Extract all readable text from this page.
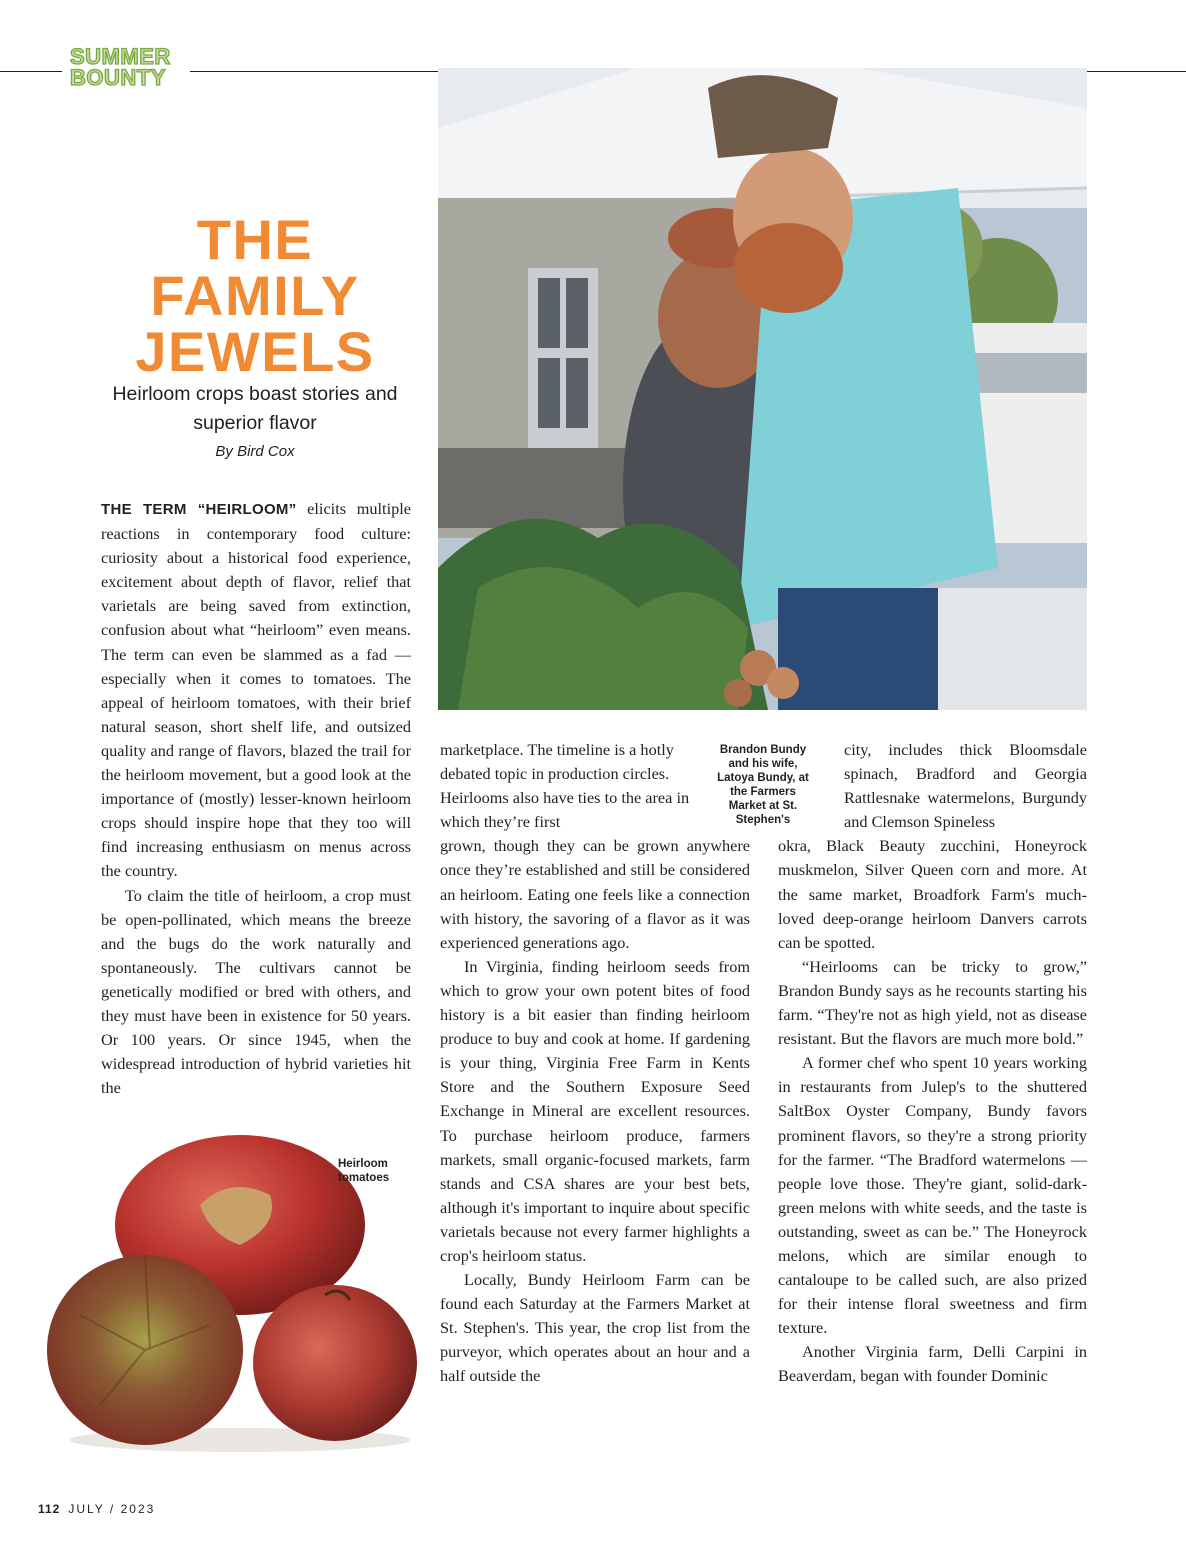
SUMMER
BOUNTY
THE
FAMILY
JEWELS
Heirloom crops boast stories and superior flavor
By Bird Cox

THE TERM “HEIRLOOM” elicits multiple reactions in contemporary food culture: curiosity about a historical food experience, excitement about depth of flavor, relief that varietals are being saved from extinction, confusion about what “heirloom” even means. The term can even be slammed as a fad — especially when it comes to tomatoes. The appeal of heirloom tomatoes, with their brief natural season, short shelf life, and outsized quality and range of flavors, blazed the trail for the heirloom movement, but a good look at the importance of (mostly) lesser-known heirloom crops should inspire hope that they too will find increasing enthusiasm on menus across the country.

To claim the title of heirloom, a crop must be open-pollinated, which means the breeze and the bugs do the work naturally and spontaneously. The cultivars cannot be genetically modified or bred with others, and they must have been in existence for 50 years. Or 100 years. Or since 1945, when the widespread introduction of hybrid varieties hit the

Heirloom tomatoes

marketplace. The timeline is a hotly debated topic in production circles. Heirlooms also have ties to the area in which they’re first

grown, though they can be grown anywhere once they’re established and still be considered an heirloom. Eating one feels like a connection with history, the savoring of a flavor as it was experienced generations ago.

In Virginia, finding heirloom seeds from which to grow your own potent bites of food history is a bit easier than finding heirloom produce to buy and cook at home. If gardening is your thing, Virginia Free Farm in Kents Store and the Southern Exposure Seed Exchange in Mineral are excellent resources. To purchase heirloom produce, farmers markets, small organic-focused markets, farm stands and CSA shares are your best bets, although it's important to inquire about specific varietals because not every farmer highlights a crop's heirloom status.

Locally, Bundy Heirloom Farm can be found each Saturday at the Farmers Market at St. Stephen's. This year, the crop list from the purveyor, which operates about an hour and a half outside the

Brandon Bundy and his wife, Latoya Bundy, at the Farmers Market at St. Stephen's

city, includes thick Bloomsdale spinach, Bradford and Georgia Rattlesnake watermelons, Burgundy and Clemson Spineless

okra, Black Beauty zucchini, Honeyrock muskmelon, Silver Queen corn and more. At the same market, Broadfork Farm's much-loved deep-orange heirloom Danvers carrots can be spotted.

“Heirlooms can be tricky to grow,” Brandon Bundy says as he recounts starting his farm. “They're not as high yield, not as disease resistant. But the flavors are much more bold.”

A former chef who spent 10 years working in restaurants from Julep's to the shuttered SaltBox Oyster Company, Bundy favors prominent flavors, so they're a strong priority for the farmer. “The Bradford watermelons — people love those. They're giant, solid-dark-green melons with white seeds, and the taste is outstanding, sweet as can be.” The Honeyrock melons, which are similar enough to cantaloupe to be called such, are also prized for their intense floral sweetness and firm texture.

Another Virginia farm, Delli Carpini in Beaverdam, began with founder Dominic

112 JULY / 2023
